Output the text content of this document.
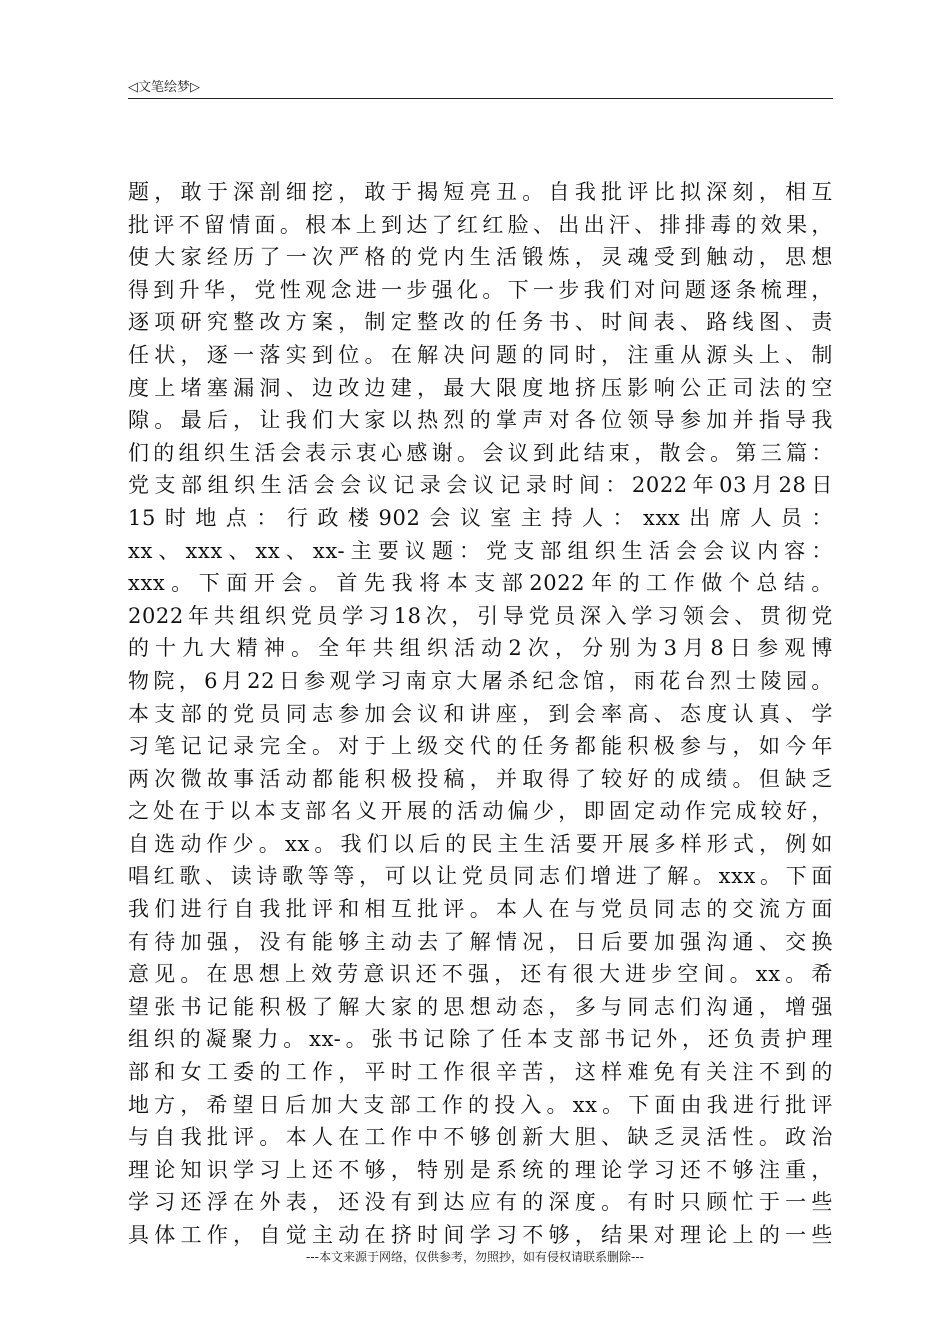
◁文笔绘梦▷
题，敢于深剖细挖，敢于揭短亮丑。自我批评比拟深刻，相互
批评不留情面。根本上到达了红红脸、出出汗、排排毒的效果，
使大家经历了一次严格的党内生活锻炼，灵魂受到触动，思想
得到升华，党性观念进一步强化。下一步我们对问题逐条梳理，
逐项研究整改方案，制定整改的任务书、时间表、路线图、责
任状，逐一落实到位。在解决问题的同时，注重从源头上、制
度上堵塞漏洞、边改边建，最大限度地挤压影响公正司法的空
隙。最后，让我们大家以热烈的掌声对各位领导参加并指导我
们的组织生活会表示衷心感谢。会议到此结束，散会。第三篇：
党支部组织生活会会议记录会议记录时间：2022年03月28日
15时地点：行政楼902会议室主持人：xxx出席人员：
xx、xxx、xx、xx-主要议题：党支部组织生活会会议内容：
xxx。下面开会。首先我将本支部2022年的工作做个总结。
2022年共组织党员学习18次，引导党员深入学习领会、贯彻党
的十九大精神。全年共组织活动2次，分别为3月8日参观博
物院，6月22日参观学习南京大屠杀纪念馆，雨花台烈士陵园。
本支部的党员同志参加会议和讲座，到会率高、态度认真、学
习笔记记录完全。对于上级交代的任务都能积极参与，如今年
两次微故事活动都能积极投稿，并取得了较好的成绩。但缺乏
之处在于以本支部名义开展的活动偏少，即固定动作完成较好，
自选动作少。xx。我们以后的民主生活要开展多样形式，例如
唱红歌、读诗歌等等，可以让党员同志们增进了解。xxx。下面
我们进行自我批评和相互批评。本人在与党员同志的交流方面
有待加强，没有能够主动去了解情况，日后要加强沟通、交换
意见。在思想上效劳意识还不强，还有很大进步空间。xx。希
望张书记能积极了解大家的思想动态，多与同志们沟通，增强
组织的凝聚力。xx-。张书记除了任本支部书记外，还负责护理
部和女工委的工作，平时工作很辛苦，这样难免有关注不到的
地方，希望日后加大支部工作的投入。xx。下面由我进行批评
与自我批评。本人在工作中不够创新大胆、缺乏灵活性。政治
理论知识学习上还不够，特别是系统的理论学习还不够注重，
学习还浮在外表，还没有到达应有的深度。有时只顾忙于一些
具体工作，自觉主动在挤时间学习不够，结果对理论上的一些
---本文来源于网络，仅供参考，勿照抄，如有侵权请联系删除---
